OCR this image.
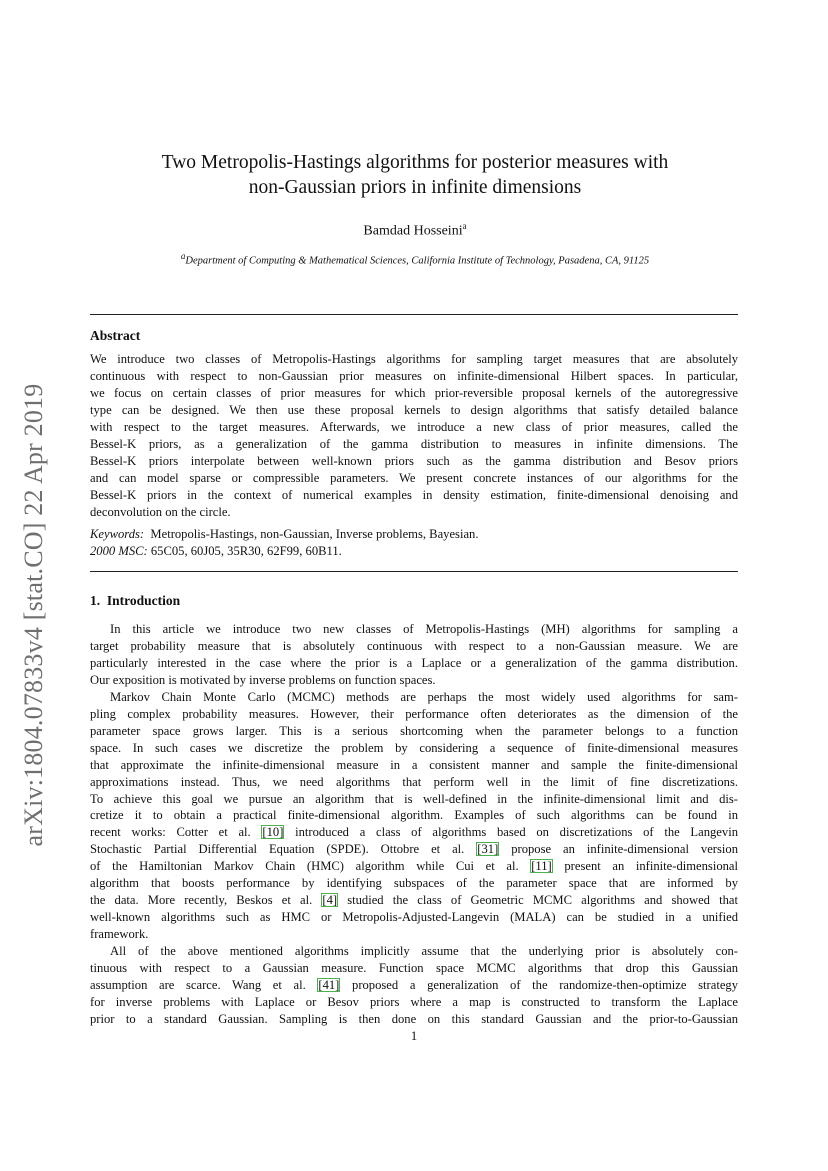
arXiv:1804.07833v4 [stat.CO] 22 Apr 2019
Two Metropolis-Hastings algorithms for posterior measures with
non-Gaussian priors in infinite dimensions
Bamdad Hosseini$^a$
$^a$Department of Computing & Mathematical Sciences, California Institute of Technology, Pasadena, CA, 91125
Abstract
We introduce two classes of Metropolis-Hastings algorithms for sampling target measures that are absolutely
continuous with respect to non-Gaussian prior measures on infinite-dimensional Hilbert spaces. In particular,
we focus on certain classes of prior measures for which prior-reversible proposal kernels of the autoregressive
type can be designed. We then use these proposal kernels to design algorithms that satisfy detailed balance
with respect to the target measures. Afterwards, we introduce a new class of prior measures, called the
Bessel-K priors, as a generalization of the gamma distribution to measures in infinite dimensions. The
Bessel-K priors interpolate between well-known priors such as the gamma distribution and Besov priors
and can model sparse or compressible parameters. We present concrete instances of our algorithms for the
Bessel-K priors in the context of numerical examples in density estimation, finite-dimensional denoising and
deconvolution on the circle.
Keywords: Metropolis-Hastings, non-Gaussian, Inverse problems, Bayesian.
2000 MSC: 65C05, 60J05, 35R30, 62F99, 60B11.
1. Introduction
In this article we introduce two new classes of Metropolis-Hastings (MH) algorithms for sampling a
target probability measure that is absolutely continuous with respect to a non-Gaussian measure. We are
particularly interested in the case where the prior is a Laplace or a generalization of the gamma distribution.
Our exposition is motivated by inverse problems on function spaces.
Markov Chain Monte Carlo (MCMC) methods are perhaps the most widely used algorithms for sam-
pling complex probability measures. However, their performance often deteriorates as the dimension of the
parameter space grows larger. This is a serious shortcoming when the parameter belongs to a function
space. In such cases we discretize the problem by considering a sequence of finite-dimensional measures
that approximate the infinite-dimensional measure in a consistent manner and sample the finite-dimensional
approximations instead. Thus, we need algorithms that perform well in the limit of fine discretizations.
To achieve this goal we pursue an algorithm that is well-defined in the infinite-dimensional limit and dis-
cretize it to obtain a practical finite-dimensional algorithm. Examples of such algorithms can be found in
recent works: Cotter et al. [10] introduced a class of algorithms based on discretizations of the Langevin
Stochastic Partial Differential Equation (SPDE). Ottobre et al. [31] propose an infinite-dimensional version
of the Hamiltonian Markov Chain (HMC) algorithm while Cui et al. [11] present an infinite-dimensional
algorithm that boosts performance by identifying subspaces of the parameter space that are informed by
the data. More recently, Beskos et al. [4] studied the class of Geometric MCMC algorithms and showed that
well-known algorithms such as HMC or Metropolis-Adjusted-Langevin (MALA) can be studied in a unified
framework.
All of the above mentioned algorithms implicitly assume that the underlying prior is absolutely con-
tinuous with respect to a Gaussian measure. Function space MCMC algorithms that drop this Gaussian
assumption are scarce. Wang et al. [41] proposed a generalization of the randomize-then-optimize strategy
for inverse problems with Laplace or Besov priors where a map is constructed to transform the Laplace
prior to a standard Gaussian. Sampling is then done on this standard Gaussian and the prior-to-Gaussian
1
